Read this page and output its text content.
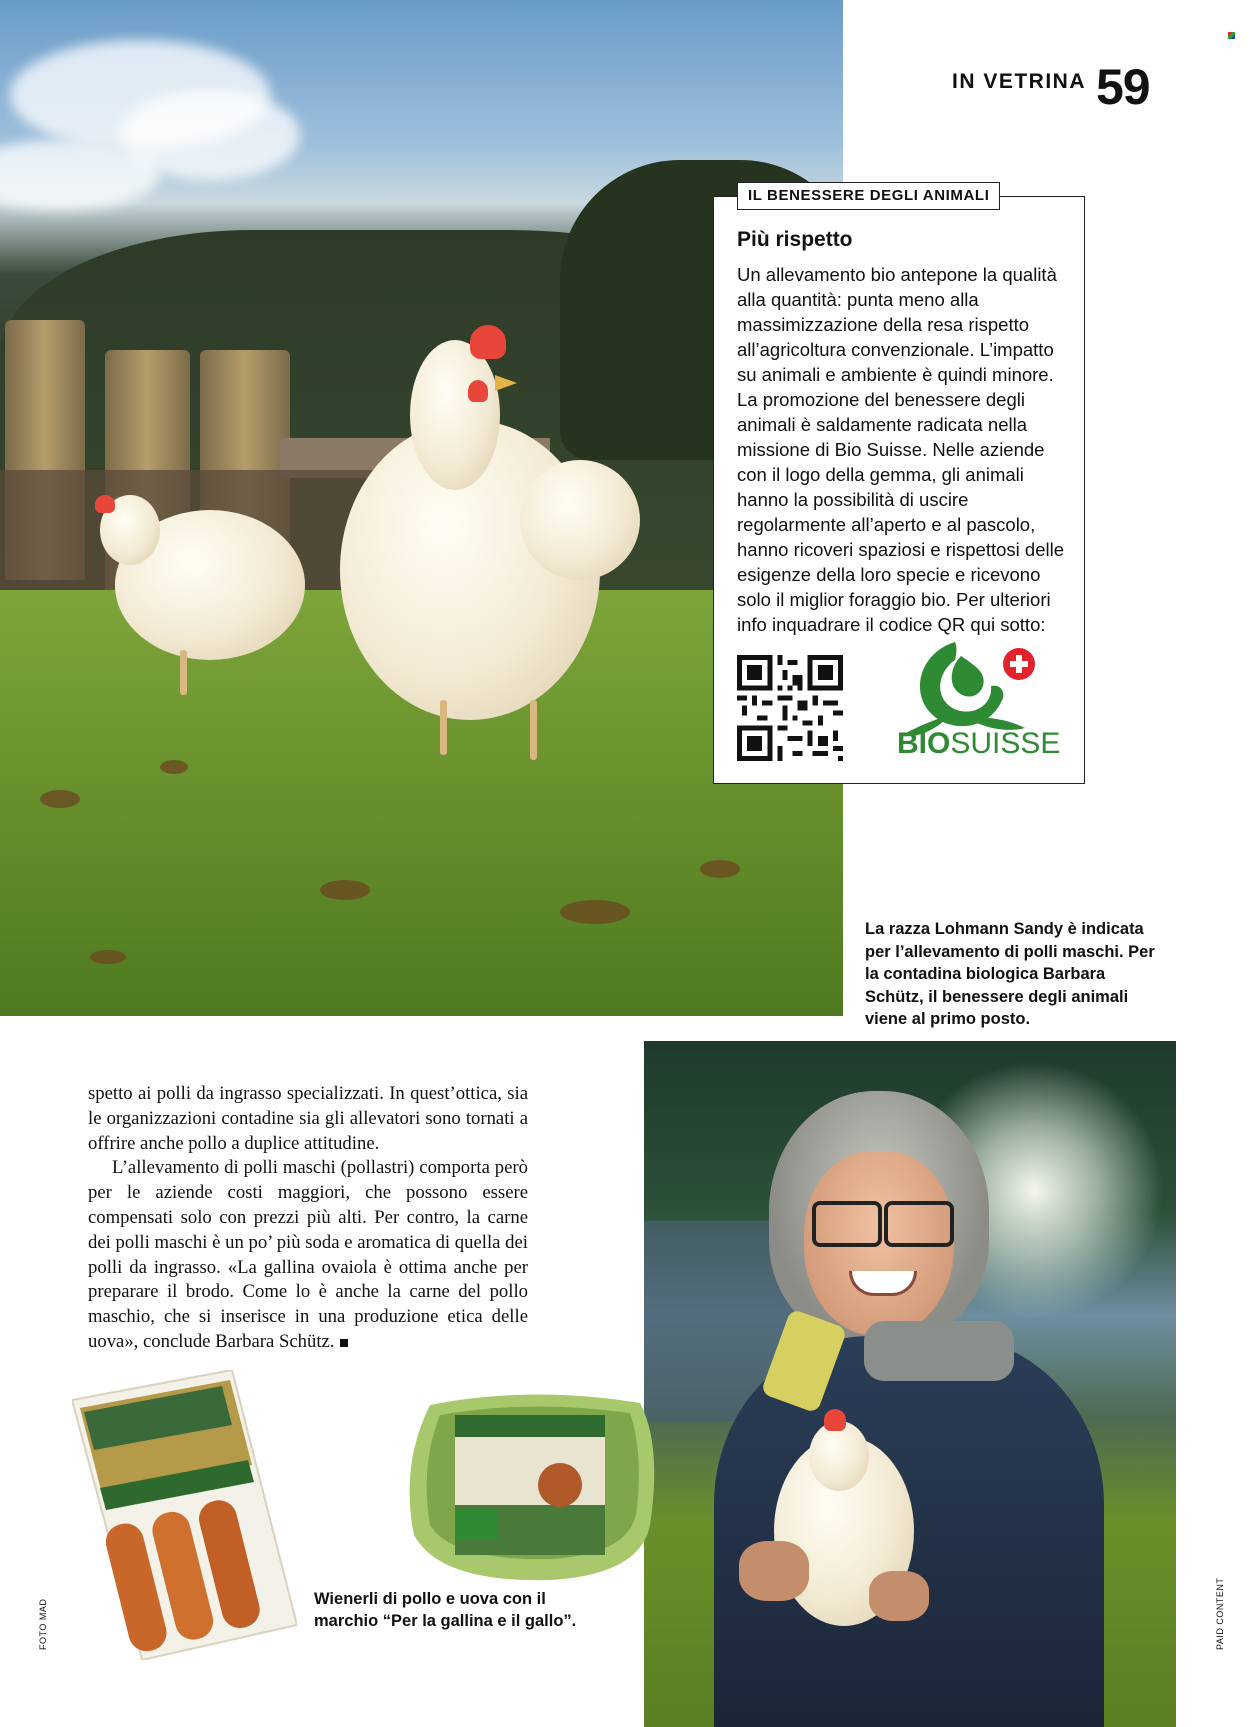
IN VETRINA 59
IL BENESSERE DEGLI ANIMALI
Più rispetto
Un allevamento bio antepone la qualità alla quantità: punta meno alla massimizzazione della resa rispetto all’agricoltura convenzionale. L’impatto su animali e ambiente è quindi minore. La promozione del benessere degli animali è saldamente radicata nella missione di Bio Suisse. Nelle aziende con il logo della gemma, gli animali hanno la possibilità di uscire regolarmente all’aperto e al pascolo, hanno ricoveri spaziosi e rispettosi delle esigenze della loro specie e ricevono solo il miglior foraggio bio. Per ulteriori info inquadrare il codice QR qui sotto:
BIOSUISSE
La razza Lohmann Sandy è indicata per l’allevamento di polli maschi. Per la contadina biologica Barbara Schütz, il benessere degli animali viene al primo posto.

spetto ai polli da ingrasso specializzati. In quest’ottica, sia le organizzazioni contadine sia gli allevatori sono tornati a offrire anche pollo a duplice attitudine.

L’allevamento di polli maschi (pollastri) comporta però per le aziende costi maggiori, che possono essere compensati solo con prezzi più alti. Per contro, la carne dei polli maschi è un po’ più soda e aromatica di quella dei polli da ingrasso. «La gallina ovaiola è ottima anche per preparare il brodo. Come lo è anche la carne del pollo maschio, che si inserisce in una produzione etica delle uova», conclude Barbara Schütz.

Wienerli di pollo e uova con il marchio “Per la gallina e il gallo”.
FOTO MAD	PAID CONTENT
